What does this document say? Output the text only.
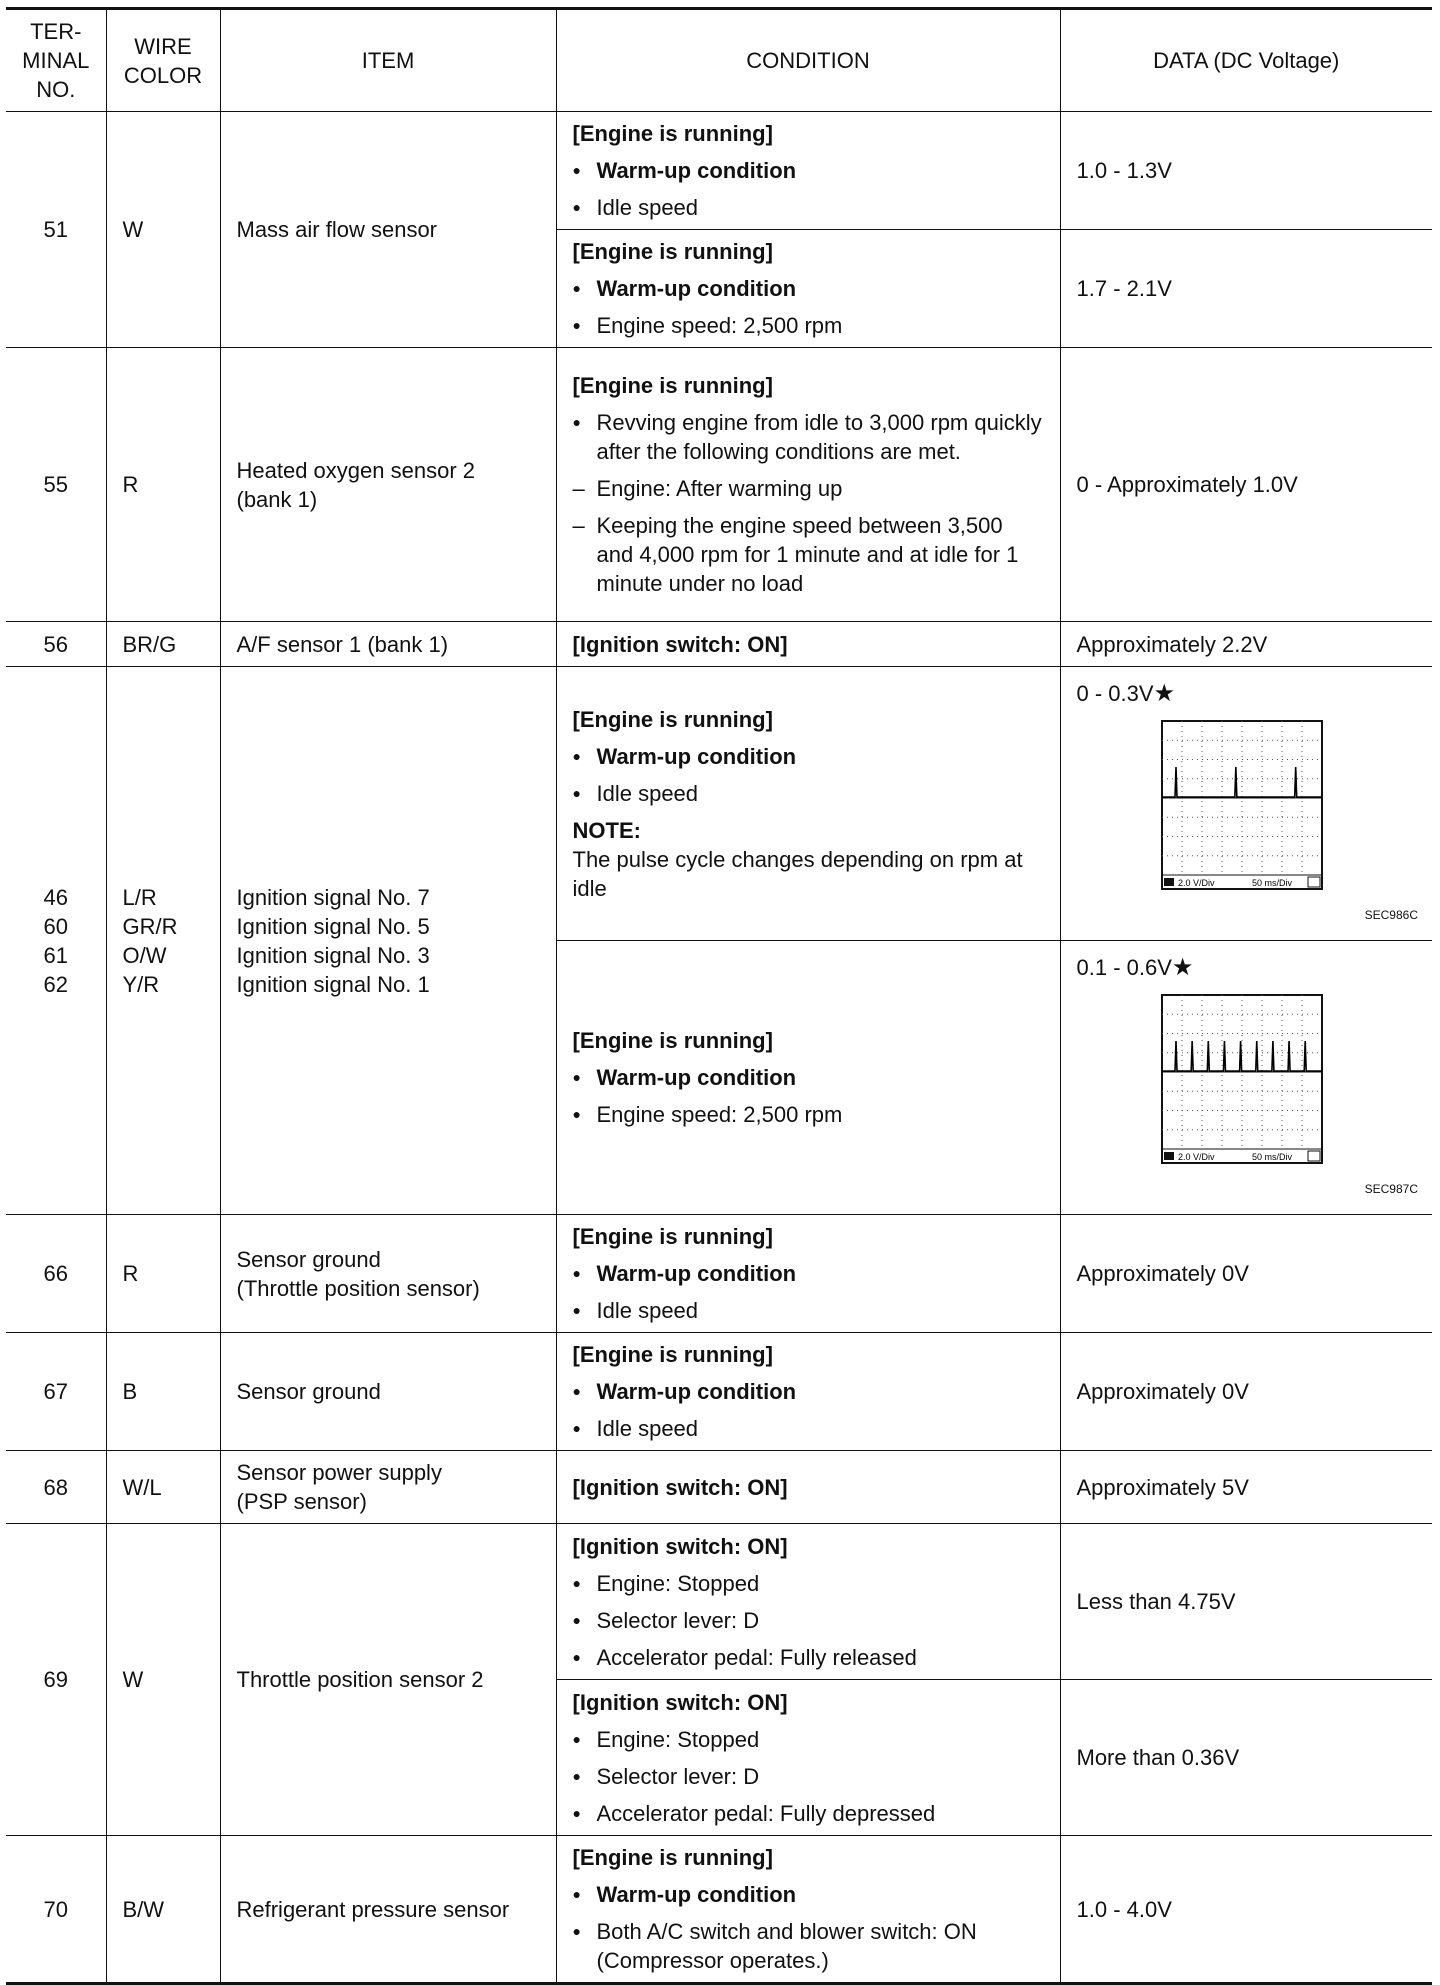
TER-
MINAL
NO.	WIRE
COLOR	ITEM	CONDITION	DATA (DC Voltage)
51	W	Mass air flow sensor	[Engine is running]
● Warm-up condition
● Idle speed	1.0 - 1.3V

			[Engine is running]
● Warm-up condition
● Engine speed: 2,500 rpm	1.7 - 2.1V
55	R	Heated oxygen sensor 2
(bank 1)	[Engine is running]
● Revving engine from idle to 3,000 rpm quickly after the following conditions are met.
– Engine: After warming up
– Keeping the engine speed between 3,500 and 4,000 rpm for 1 minute and at idle for 1 minute under no load	0 - Approximately 1.0V
56	BR/G	A/F sensor 1 (bank 1)	[Ignition switch: ON]	Approximately 2.2V
46
60
61
62	L/R
GR/R
O/W
Y/R	Ignition signal No. 7
Ignition signal No. 5
Ignition signal No. 3
Ignition signal No. 1	[Engine is running]
● Warm-up condition
● Idle speed
NOTE:
The pulse cycle changes depending on rpm at idle	0 - 0.3V★
2.0 V/Div 50 ms/Div
SEC986C

			[Engine is running]
● Warm-up condition
● Engine speed: 2,500 rpm	0.1 - 0.6V★
2.0 V/Div 50 ms/Div
SEC987C

66	R	Sensor ground
(Throttle position sensor)	[Engine is running]
● Warm-up condition
● Idle speed	Approximately 0V
67	B	Sensor ground	[Engine is running]
● Warm-up condition
● Idle speed	Approximately 0V
68	W/L	Sensor power supply
(PSP sensor)	[Ignition switch: ON]	Approximately 5V
69	W	Throttle position sensor 2	[Ignition switch: ON]
● Engine: Stopped
● Selector lever: D
● Accelerator pedal: Fully released	Less than 4.75V

			[Ignition switch: ON]
● Engine: Stopped
● Selector lever: D
● Accelerator pedal: Fully depressed	More than 0.36V
70	B/W	Refrigerant pressure sensor	[Engine is running]
● Warm-up condition
● Both A/C switch and blower switch: ON (Compressor operates.)	1.0 - 4.0V
